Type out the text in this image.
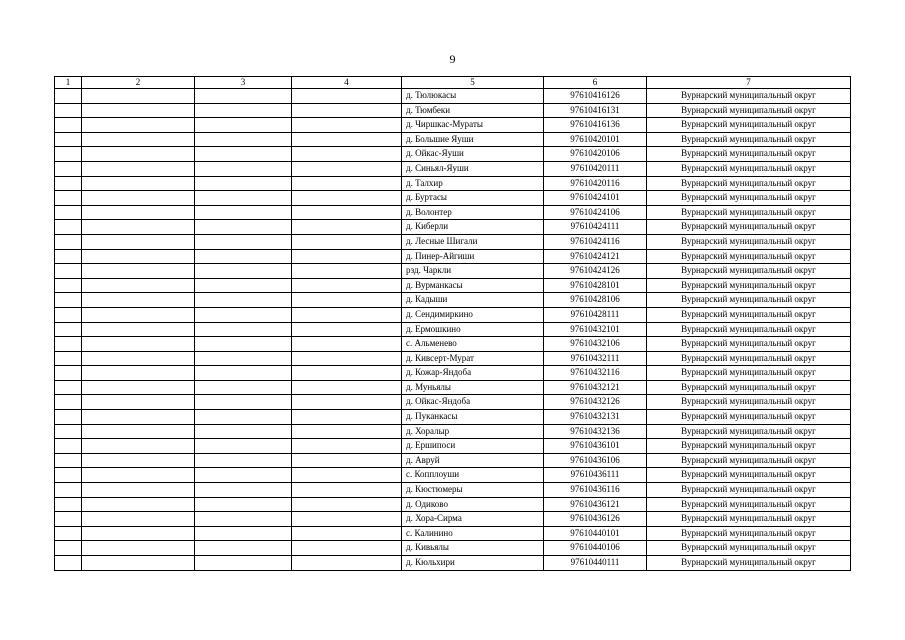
9
1	2	3	4	5	6	7
				д. Тюлюкасы	97610416126	Вурнарский муниципальный округ
				д. Тюмбеки	97610416131	Вурнарский муниципальный округ
				д. Чиршкас-Мураты	97610416136	Вурнарский муниципальный округ
				д. Большие Яуши	97610420101	Вурнарский муниципальный округ
				д. Ойкас-Яуши	97610420106	Вурнарский муниципальный округ
				д. Синьял-Яуши	97610420111	Вурнарский муниципальный округ
				д. Талхир	97610420116	Вурнарский муниципальный округ
				д. Буртасы	97610424101	Вурнарский муниципальный округ
				д. Волонтер	97610424106	Вурнарский муниципальный округ
				д. Киберли	97610424111	Вурнарский муниципальный округ
				д. Лесные Шигали	97610424116	Вурнарский муниципальный округ
				д. Пинер-Айгиши	97610424121	Вурнарский муниципальный округ
				рзд. Чаркли	97610424126	Вурнарский муниципальный округ
				д. Вурманкасы	97610428101	Вурнарский муниципальный округ
				д. Кадыши	97610428106	Вурнарский муниципальный округ
				д. Сендимиркино	97610428111	Вурнарский муниципальный округ
				д. Ермошкино	97610432101	Вурнарский муниципальный округ
				с. Альменево	97610432106	Вурнарский муниципальный округ
				д. Кивсерт-Мурат	97610432111	Вурнарский муниципальный округ
				д. Кожар-Яндоба	97610432116	Вурнарский муниципальный округ
				д. Муньялы	97610432121	Вурнарский муниципальный округ
				д. Ойкас-Яндоба	97610432126	Вурнарский муниципальный округ
				д. Пуканкасы	97610432131	Вурнарский муниципальный округ
				д. Хоралыр	97610432136	Вурнарский муниципальный округ
				д. Ершипоси	97610436101	Вурнарский муниципальный округ
				д. Авруй	97610436106	Вурнарский муниципальный округ
				с. Копплоуши	97610436111	Вурнарский муниципальный округ
				д. Кюстюмеры	97610436116	Вурнарский муниципальный округ
				д. Одиково	97610436121	Вурнарский муниципальный округ
				д. Хора-Сирма	97610436126	Вурнарский муниципальный округ
				с. Калинино	97610440101	Вурнарский муниципальный округ
				д. Кивьялы	97610440106	Вурнарский муниципальный округ
				д. Кюльхири	97610440111	Вурнарский муниципальный округ
